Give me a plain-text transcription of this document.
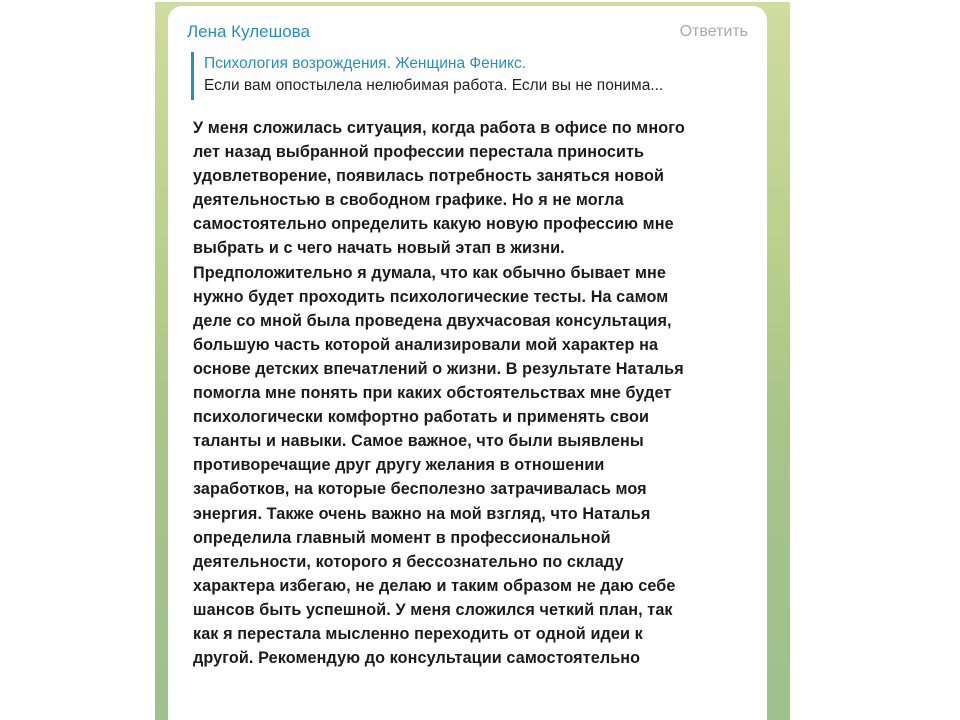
Лена Кулешова	Ответить
Психология возрождения. Женщина Феникс.
Если вам опостылела нелюбимая работа. Если вы не понима...
У меня сложилась ситуация, когда работа в офисе по много
лет назад выбранной профессии перестала приносить
удовлетворение, появилась потребность заняться новой
деятельностью в свободном графике. Но я не могла
самостоятельно определить какую новую профессию мне
выбрать и с чего начать новый этап в жизни.
Предположительно я думала, что как обычно бывает мне
нужно будет проходить психологические тесты. На самом
деле со мной была проведена двухчасовая консультация,
большую часть которой анализировали мой характер на
основе детских впечатлений о жизни. В результате Наталья
помогла мне понять при каких обстоятельствах мне будет
психологически комфортно работать и применять свои
таланты и навыки. Самое важное, что были выявлены
противоречащие друг другу желания в отношении
заработков, на которые бесполезно затрачивалась моя
энергия. Также очень важно на мой взгляд, что Наталья
определила главный момент в профессиональной
деятельности, которого я бессознательно по складу
характера избегаю, не делаю и таким образом не даю себе
шансов быть успешной. У меня сложился четкий план, так
как я перестала мысленно переходить от одной идеи к
другой. Рекомендую до консультации самостоятельно
